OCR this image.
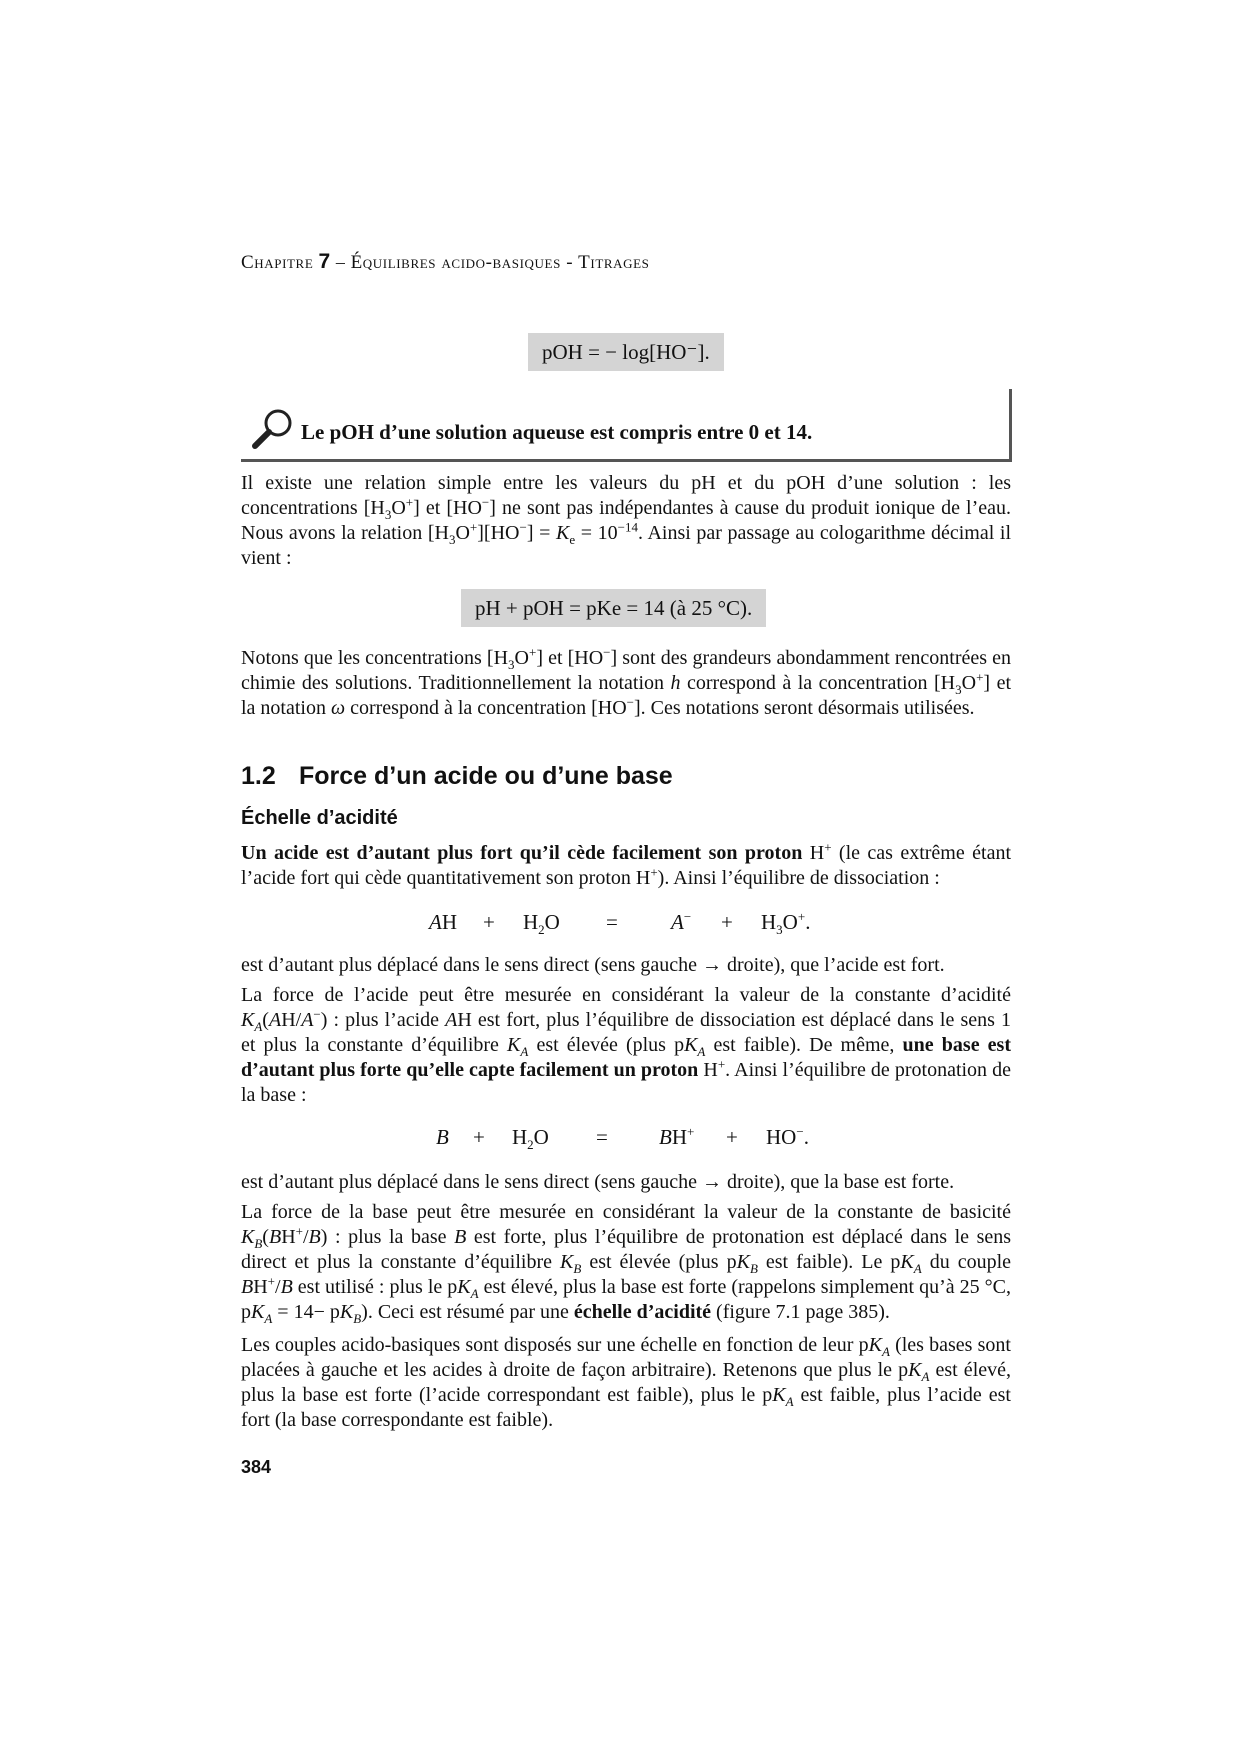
Chapitre 7 – Équilibres acido-basiques - Titrages
pOH = − log[HO⁻].
Le pOH d’une solution aqueuse est compris entre 0 et 14.

Il existe une relation simple entre les valeurs du pH et du pOH d’une solution : les concentrations $[H_3O^+]$ et [HO−] ne sont pas indépendantes à cause du produit ionique de l’eau. Nous avons la relation $[H_3O^+][HO^-] = K_e = 10^{-14}$. Ainsi par passage au cologarithme décimal il vient :

pH + pOH = pKe = 14 (à 25 °C).

Notons que les concentrations $[H_3O^+]$ et [HO−] sont des grandeurs abondamment rencontrées en chimie des solutions. Traditionnellement la notation h correspond à la concentration $[H_3O^+]$ et la notation ω correspond à la concentration [HO−]. Ces notations seront désormais utilisées.

1.2 Force d’un acide ou d’une base
Échelle d’acidité

Un acide est d’autant plus fort qu’il cède facilement son proton H+ (le cas extrême étant l’acide fort qui cède quantitativement son proton H+). Ainsi l’équilibre de dissociation :

AH + $H_2O$ =	$A^- + H_3O^+$.

est d’autant plus déplacé dans le sens direct (sens gauche → droite), que l’acide est fort.

La force de l’acide peut être mesurée en considérant la valeur de la constante d’acidité $K_A(AH/A^-)$ : plus l’acide AH est fort, plus l’équilibre de dissociation est déplacé dans le sens 1 et plus la constante d’équilibre $K_A$ est élevée (plus $pK_A$ est faible). De même, une base est d’autant plus forte qu’elle capte facilement un proton H+. Ainsi l’équilibre de protonation de la base :

$B + H_2O = BH^+ + HO^-$.

est d’autant plus déplacé dans le sens direct (sens gauche → droite), que la base est forte.

La force de la base peut être mesurée en considérant la valeur de la constante de basicité $K_B(BH^+/B)$ : plus la base B est forte, plus l’équilibre de protonation est déplacé dans le sens direct et plus la constante d’équilibre $K_B$ est élevée (plus $pK_B$ est faible). Le $pK_A$ du couple BH+/B est utilisé : plus le $pK_A$ est élevé, plus la base est forte (rappelons simplement qu’à 25 °C, $pK_A = 14- pK_B$). Ceci est résumé par une échelle d’acidité (figure 7.1 page 385).

Les couples acido-basiques sont disposés sur une échelle en fonction de leur $pK_A$ (les bases sont placées à gauche et les acides à droite de façon arbitraire). Retenons que plus le $pK_A$ est élevé, plus la base est forte (l’acide correspondant est faible), plus le $pK_A$ est faible, plus l’acide est fort (la base correspondante est faible).

384
